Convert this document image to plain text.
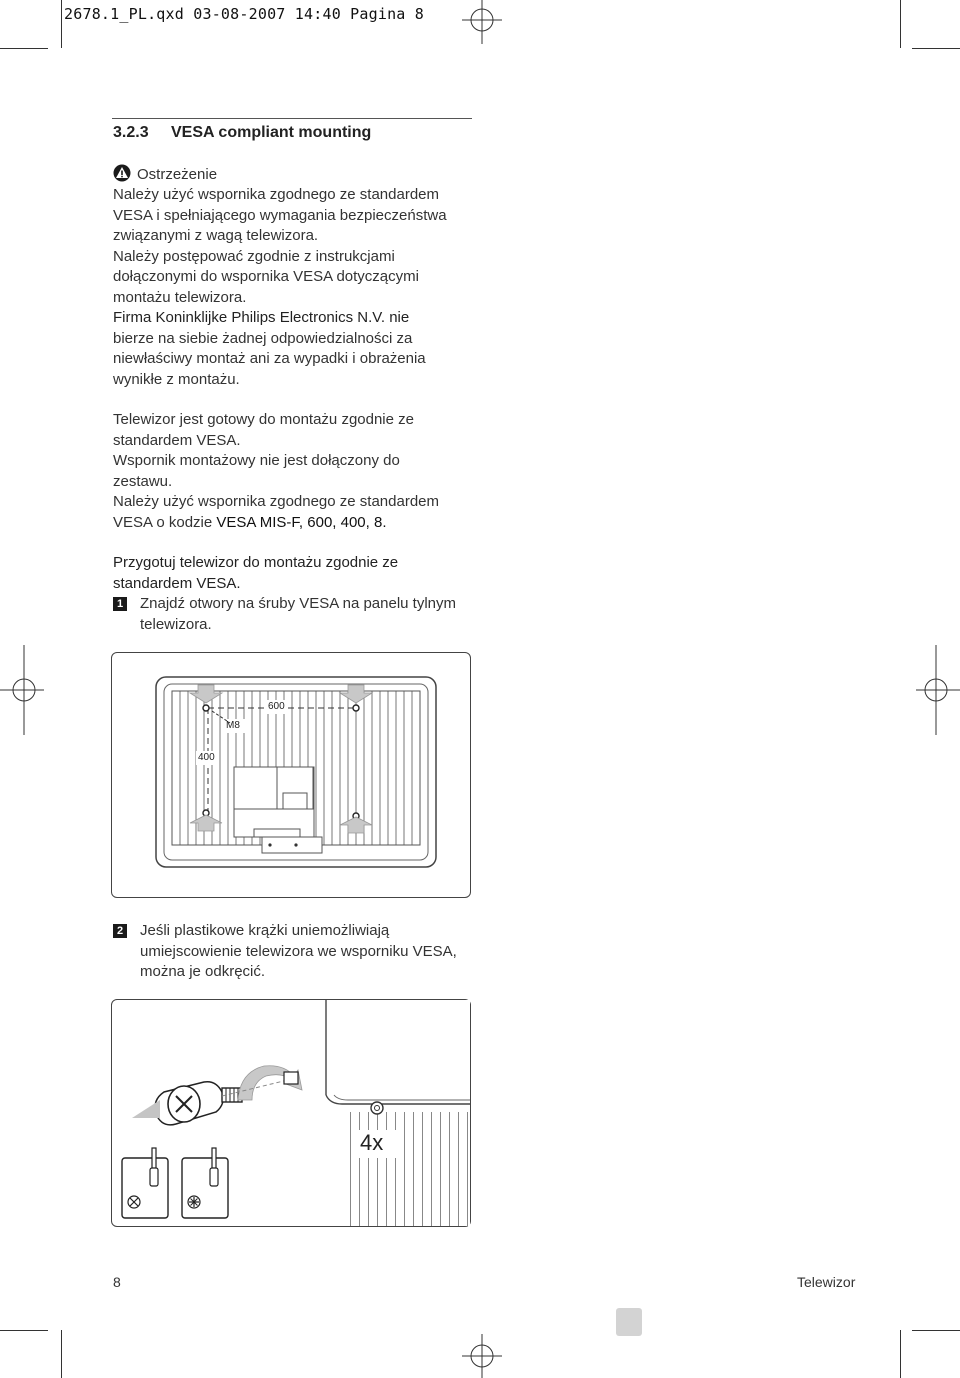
2678.1_PL.qxd 03-08-2007 14:40 Pagina 8
3.2.3 VESA compliant mounting
Ostrzeżenie

Należy użyć wspornika zgodnego ze standardem

VESA i spełniającego wymagania bezpieczeństwa

związanymi z wagą telewizora.

Należy postępować zgodnie z instrukcjami

dołączonymi do wspornika VESA dotyczącymi

montażu telewizora.

Firma Koninklijke Philips Electronics N.V. nie

bierze na siebie żadnej odpowiedzialności za

niewłaściwy montaż ani za wypadki i obrażenia

wynikłe z montażu.

Telewizor jest gotowy do montażu zgodnie ze

standardem VESA.

Wspornik montażowy nie jest dołączony do

zestawu.

Należy użyć wspornika zgodnego ze standardem

VESA o kodzie VESA MIS-F, 600, 400, 8.

Przygotuj telewizor do montażu zgodnie ze

standardem VESA.

1 Znajdź otwory na śruby VESA na panelu tylnym
telewizora.
600
400
M8
2 Jeśli plastikowe krążki uniemożliwiają
umiejscowienie telewizora we wsporniku VESA,
można je odkręcić.
4x
8	Telewizor
